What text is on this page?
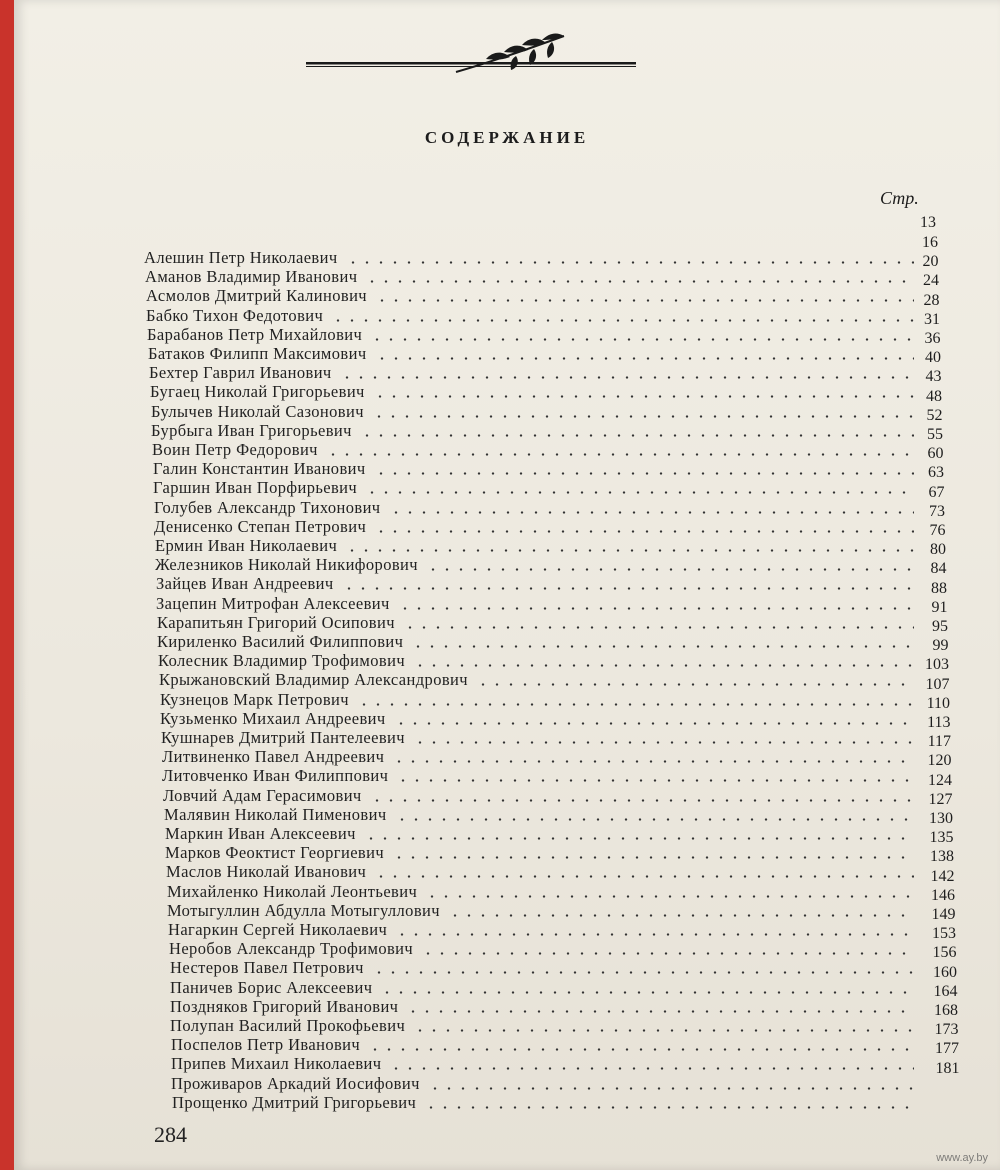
СОДЕРЖАНИЕ
Стр.
Алешин Петр Николаевич
Аманов Владимир Иванович
Асмолов Дмитрий Калинович
Бабко Тихон Федотович
Барабанов Петр Михайлович
Батаков Филипп Максимович
Бехтер Гаврил Иванович
Бугаец Николай Григорьевич
Булычев Николай Сазонович
Бурбыга Иван Григорьевич
Воин Петр Федорович
Галин Константин Иванович
Гаршин Иван Порфирьевич
Голубев Александр Тихонович
Денисенко Степан Петрович
Ермин Иван Николаевич
Железников Николай Никифорович
Зайцев Иван Андреевич
Зацепин Митрофан Алексеевич
Карапитьян Григорий Осипович
Кириленко Василий Филиппович
Колесник Владимир Трофимович
Крыжановский Владимир Александрович
Кузнецов Марк Петрович
Кузьменко Михаил Андреевич
Кушнарев Дмитрий Пантелеевич
Литвиненко Павел Андреевич
Литовченко Иван Филиппович
Ловчий Адам Герасимович
Малявин Николай Пименович
Маркин Иван Алексеевич
Марков Феоктист Георгиевич
Маслов Николай Иванович
Михайленко Николай Леонтьевич
Мотыгуллин Абдулла Мотыгуллович
Нагаркин Сергей Николаевич
Неробов Александр Трофимович
Нестеров Павел Петрович
Паничев Борис Алексеевич
Поздняков Григорий Иванович
Полупан Василий Прокофьевич
Поспелов Петр Иванович
Припев Михаил Николаевич
Проживаров Аркадий Иосифович
Прощенко Дмитрий Григорьевич
284
www.ay.by
13
16
20
24
28
31
36
40
43
48
52
55
60
63
67
73
76
80
84
88
91
95
99
103
107
110
113
117
120
124
127
130
135
138
142
146
149
153
156
160
164
168
173
177
181
